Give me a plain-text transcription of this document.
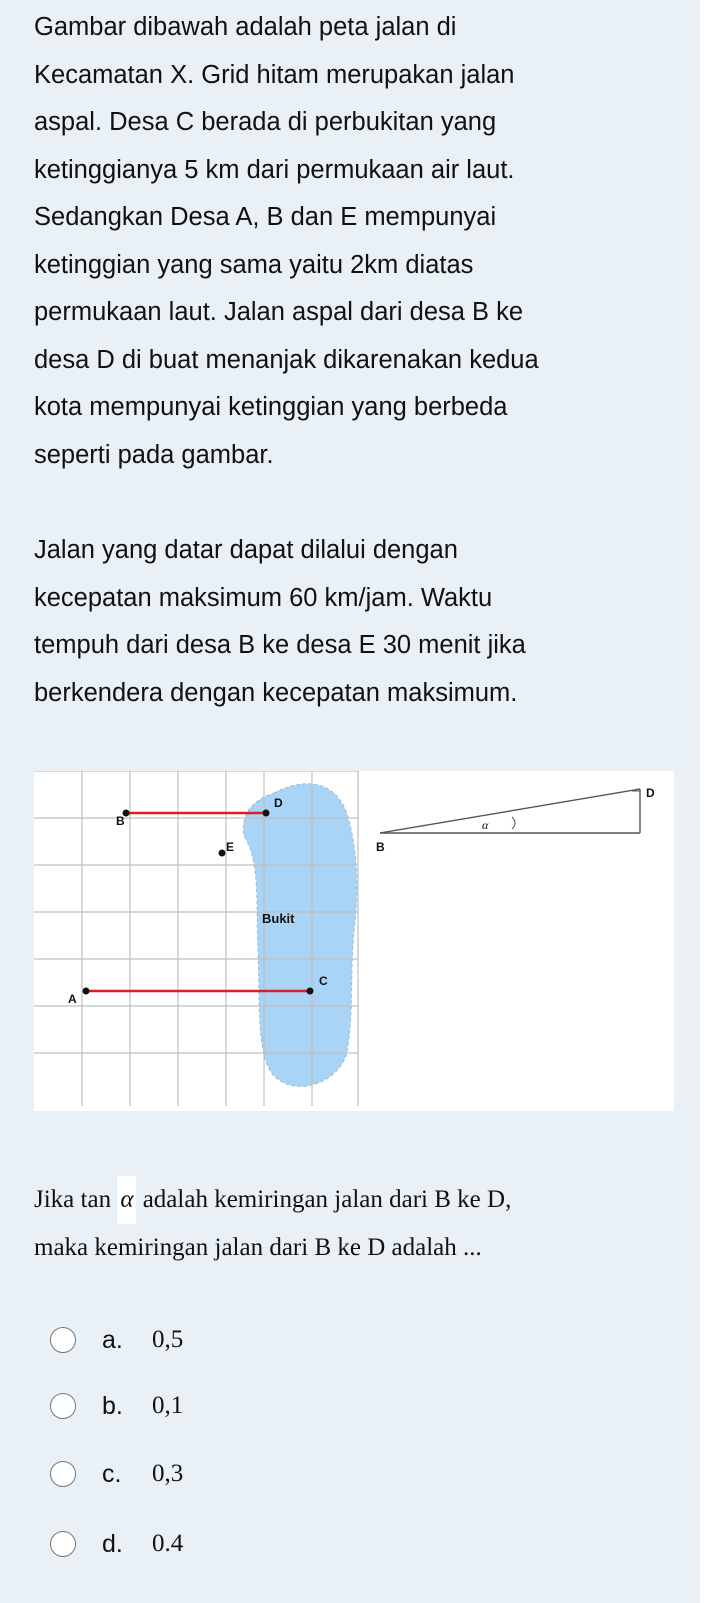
Gambar dibawah adalah peta jalan di

Kecamatan X. Grid hitam merupakan jalan

aspal. Desa C berada di perbukitan yang

ketinggianya 5 km dari permukaan air laut.

Sedangkan Desa A, B dan E mempunyai

ketinggian yang sama yaitu 2km diatas

permukaan laut. Jalan aspal dari desa B ke

desa D di buat menanjak dikarenakan kedua

kota mempunyai ketinggian yang berbeda

seperti pada gambar.

Jalan yang datar dapat dilalui dengan

kecepatan maksimum 60 km/jam. Waktu

tempuh dari desa B ke desa E 30 menit jika

berkendera dengan kecepatan maksimum.

B
D
E
Bukit
C
A
B
D
α

Jika tan α adalah kemiringan jalan dari B ke D,

maka kemiringan jalan dari B ke D adalah ...

a.	0,5
b.	0,1
c.	0,3
d.	0.4
